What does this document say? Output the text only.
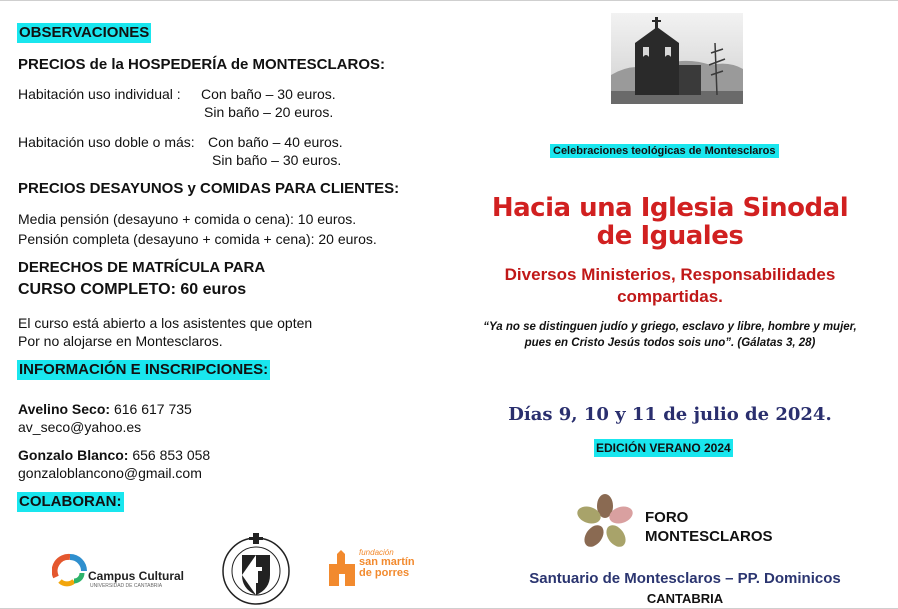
OBSERVACIONES
PRECIOS de la HOSPEDERÍA de MONTESCLAROS:
Habitación uso individual : Con baño – 30 euros.
Sin baño – 20 euros.
Habitación uso doble o más: Con baño – 40 euros.
Sin baño – 30 euros.
PRECIOS DESAYUNOS y COMIDAS PARA CLIENTES:
Media pensión (desayuno + comida o cena): 10 euros.
Pensión completa (desayuno + comida + cena): 20 euros.
DERECHOS DE MATRÍCULA PARA
CURSO COMPLETO: 60 euros
El curso está abierto a los asistentes que opten
Por no alojarse en Montesclaros.
INFORMACIÓN E INSCRIPCIONES:
Avelino Seco: 616 617 735
av_seco@yahoo.es
Gonzalo Blanco: 656 853 058
gonzaloblancono@gmail.com
COLABORAN:
Campus Cultural
UNIVERSIDAD DE CANTABRIA
fundación
san martín
de porres
Celebraciones teológicas de Montesclaros
Hacia una Iglesia Sinodal
de Iguales
Diversos Ministerios, Responsabilidades
compartidas.
“Ya no se distinguen judío y griego, esclavo y libre, hombre y mujer,
pues en Cristo Jesús todos sois uno”. (Gálatas 3, 28)
Días 9, 10 y 11 de julio de 2024.
EDICIÓN VERANO 2024
FORO
MONTESCLAROS
Santuario de Montesclaros – PP. Dominicos
CANTABRIA
